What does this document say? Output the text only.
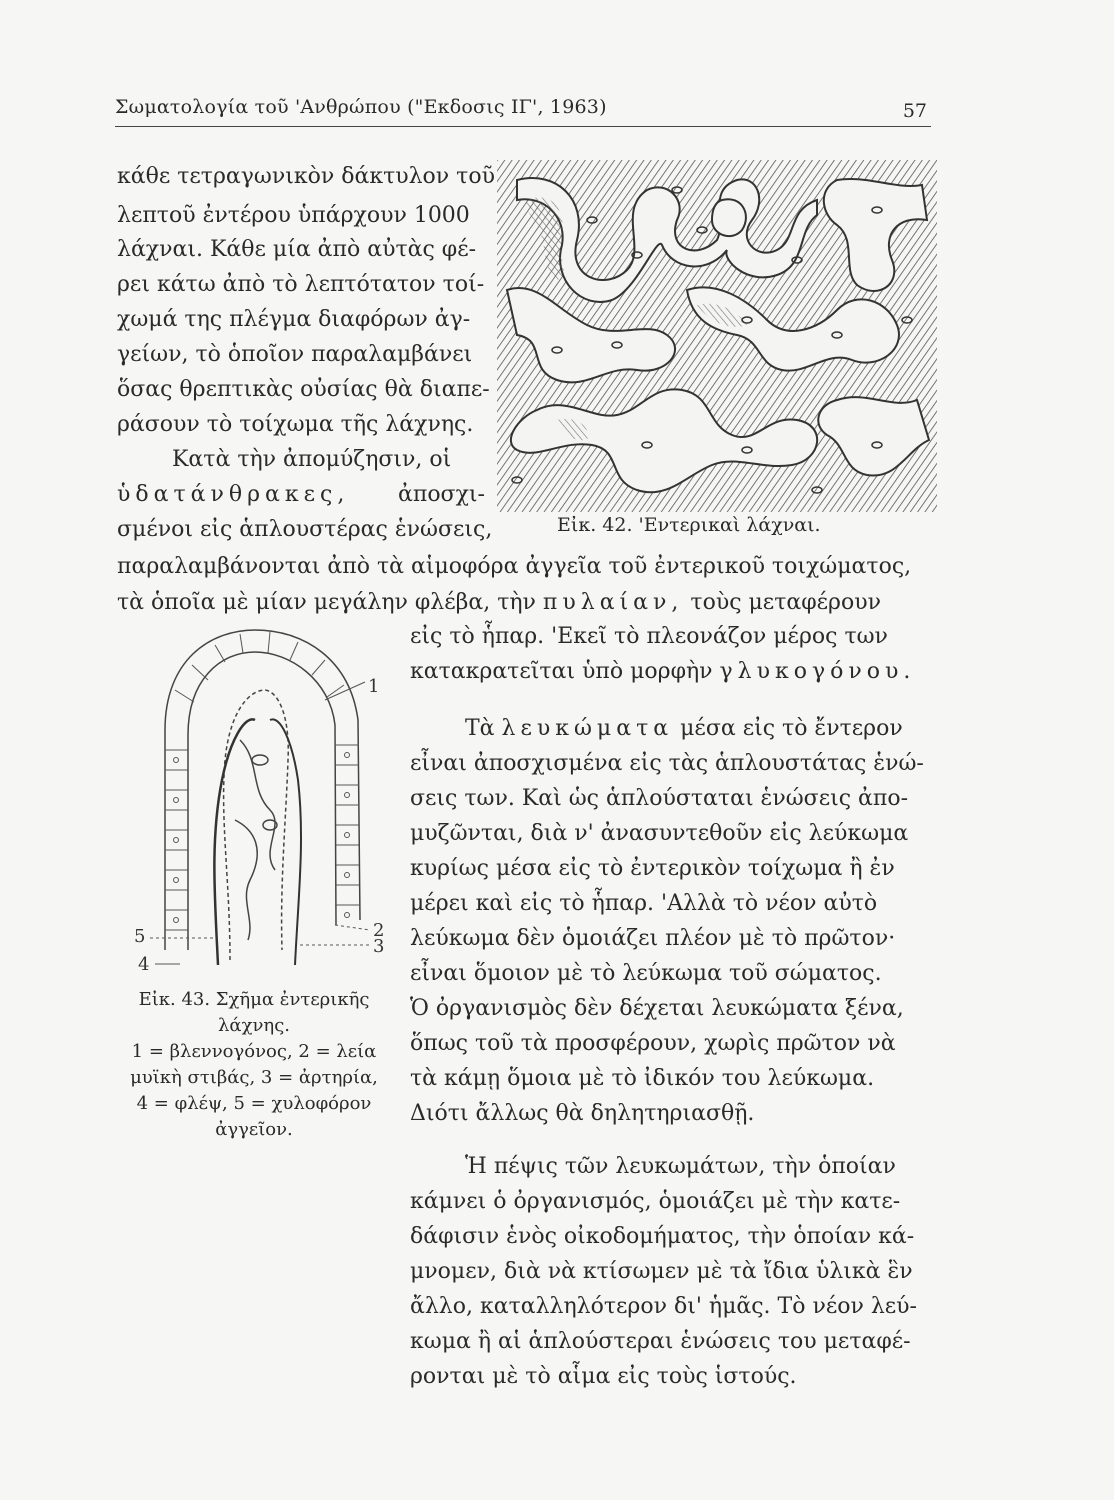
Σωματολογία τοῦ 'Ανθρώπου ("Εκδοσις ΙΓ', 1963)	57
κάθε τετραγωνικὸν δάκτυλον τοῦ
λεπτοῦ ἐντέρου ὑπάρχουν 1000
λάχναι. Κάθε μία ἀπὸ αὐτὰς φέ-
ρει κάτω ἀπὸ τὸ λεπτότατον τοί-
χωμά της πλέγμα διαφόρων ἀγ-
γείων, τὸ ὁποῖον παραλαμβάνει
ὅσας θρεπτικὰς οὐσίας θὰ διαπε-
ράσουν τὸ τοίχωμα τῆς λάχνης.
Κατὰ τὴν ἀπομύζησιν, οἱ
ὑδατάνθρακες, ἀποσχι-
σμένοι εἰς ἁπλουστέρας ἑνώσεις,
παραλαμβάνονται ἀπὸ τὰ αἱμοφόρα ἀγγεῖα τοῦ ἐντερικοῦ τοιχώματος,
τὰ ὁποῖα μὲ μίαν μεγάλην φλέβα, τὴν πυλαίαν, τοὺς μεταφέρουν
εἰς τὸ ἧπαρ. 'Εκεῖ τὸ πλεονάζον μέρος των
κατακρατεῖται ὑπὸ μορφὴν γλυκογόνου.
Τὰ λευκώματα μέσα εἰς τὸ ἔντερον
εἶναι ἀποσχισμένα εἰς τὰς ἁπλουστάτας ἑνώ-
σεις των. Καὶ ὡς ἁπλούσταται ἑνώσεις ἀπο-
μυζῶνται, διὰ ν' ἀνασυντεθοῦν εἰς λεύκωμα
κυρίως μέσα εἰς τὸ ἐντερικὸν τοίχωμα ἢ ἐν
μέρει καὶ εἰς τὸ ἧπαρ. 'Αλλὰ τὸ νέον αὐτὸ
λεύκωμα δὲν ὁμοιάζει πλέον μὲ τὸ πρῶτον·
εἶναι ὅμοιον μὲ τὸ λεύκωμα τοῦ σώματος.
Ὁ ὀργανισμὸς δὲν δέχεται λευκώματα ξένα,
ὅπως τοῦ τὰ προσφέρουν, χωρὶς πρῶτον νὰ
τὰ κάμῃ ὅμοια μὲ τὸ ἰδικόν του λεύκωμα.
Διότι ἄλλως θὰ δηλητηριασθῇ.
Ἡ πέψις τῶν λευκωμάτων, τὴν ὁποίαν
κάμνει ὁ ὀργανισμός, ὁμοιάζει μὲ τὴν κατε-
δάφισιν ἑνὸς οἰκοδομήματος, τὴν ὁποίαν κά-
μνομεν, διὰ νὰ κτίσωμεν μὲ τὰ ἴδια ὑλικὰ ἓν
ἄλλο, καταλληλότερον δι' ἡμᾶς. Τὸ νέον λεύ-
κωμα ἢ αἱ ἁπλούστεραι ἑνώσεις του μεταφέ-
ρονται μὲ τὸ αἷμα εἰς τοὺς ἱστούς.
Εἰκ. 42. 'Εντερικαὶ λάχναι.
1
2
3
4
5
Εἰκ. 43. Σχῆμα ἐντερικῆς
λάχνης.
1 = βλεννογόνος, 2 = λεία
μυϊκὴ στιβάς, 3 = ἀρτηρία,
4 = φλέψ, 5 = χυλοφόρον
ἀγγεῖον.
